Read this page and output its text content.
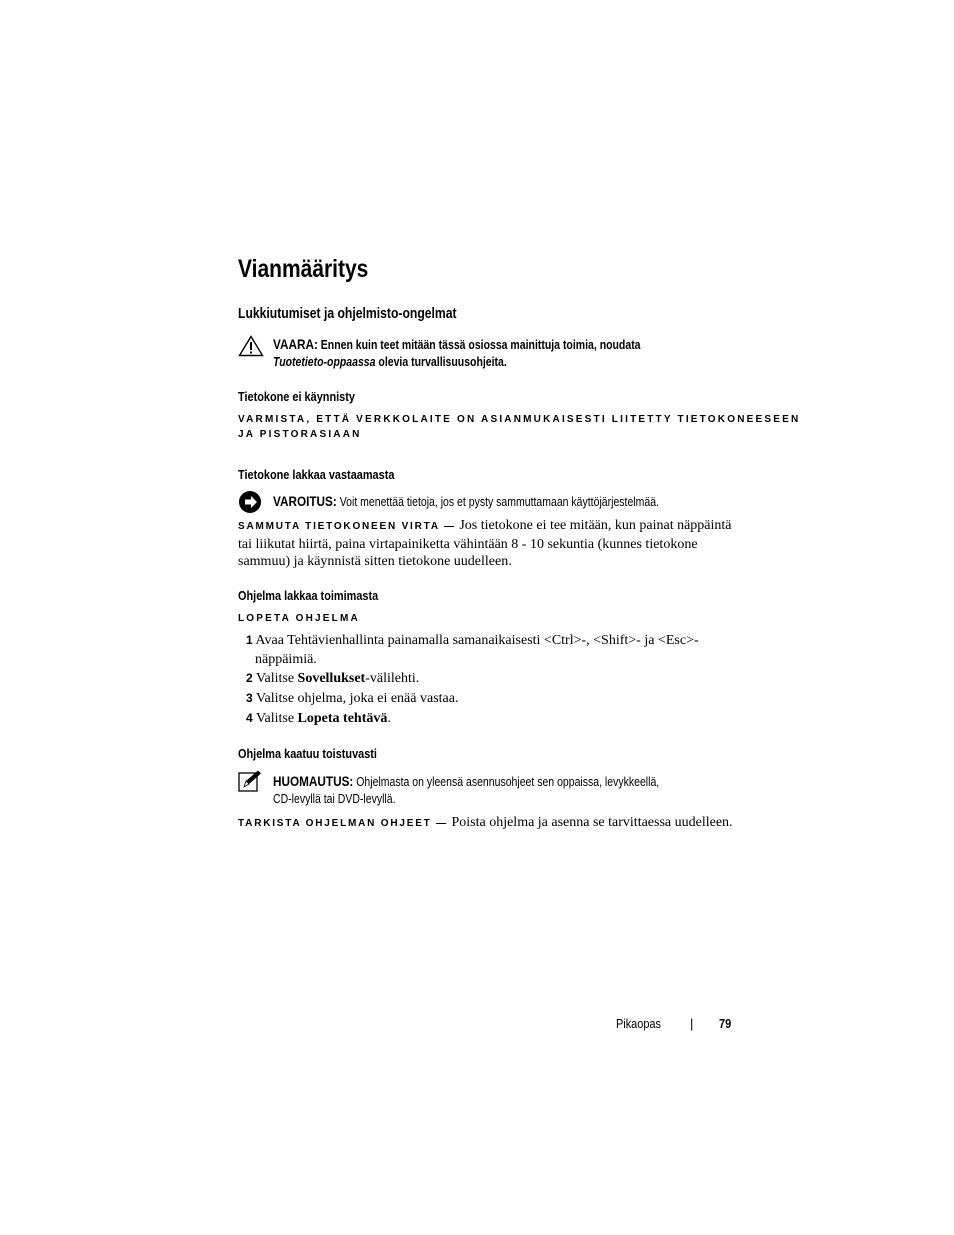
Vianmääritys
Lukkiutumiset ja ohjelmisto-ongelmat
VAARA: Ennen kuin teet mitään tässä osiossa mainittuja toimia, noudata
Tuotetieto-oppaassa olevia turvallisuusohjeita.
Tietokone ei käynnisty
VARMISTA, ETTÄ VERKKOLAITE ON ASIANMUKAISESTI LIITETTY TIETOKONEESEEN
JA PISTORASIAAN
Tietokone lakkaa vastaamasta
VAROITUS: Voit menettää tietoja, jos et pysty sammuttamaan käyttöjärjestelmää.
SAMMUTA TIETOKONEEN VIRTA — Jos tietokone ei tee mitään, kun painat näppäintä
tai liikutat hiirtä, paina virtapainiketta vähintään 8 - 10 sekuntia (kunnes tietokone
sammuu) ja käynnistä sitten tietokone uudelleen.
Ohjelma lakkaa toimimasta
LOPETA OHJELMA
1 Avaa Tehtävienhallinta painamalla samanaikaisesti <Ctrl>-, <Shift>- ja <Esc>-
näppäimiä.
2 Valitse Sovellukset-välilehti.
3 Valitse ohjelma, joka ei enää vastaa.
4 Valitse Lopeta tehtävä.
Ohjelma kaatuu toistuvasti
HUOMAUTUS: Ohjelmasta on yleensä asennusohjeet sen oppaissa, levykkeellä,
CD-levyllä tai DVD-levyllä.
TARKISTA OHJELMAN OHJEET — Poista ohjelma ja asenna se tarvittaessa uudelleen.
Pikaopas	| 79
